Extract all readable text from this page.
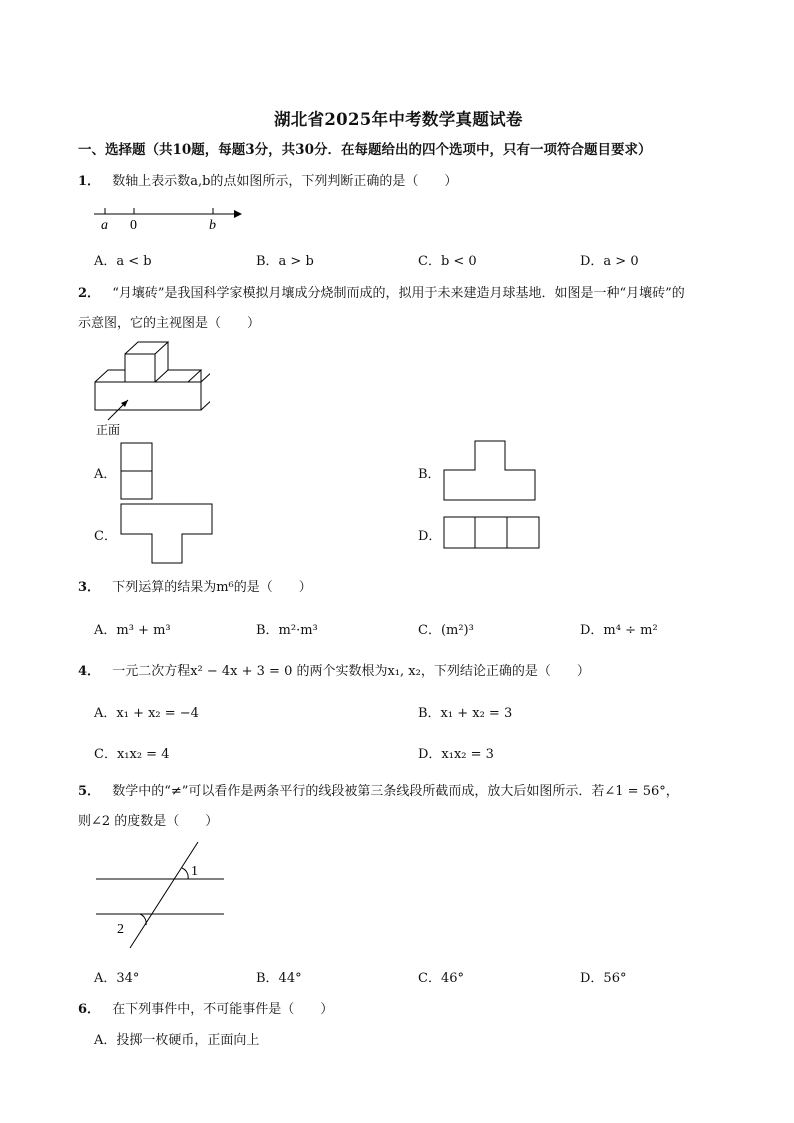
湖北省2025年中考数学真题试卷
一、选择题（共10题，每题3分，共30分．在每题给出的四个选项中，只有一项符合题目要求）
1． 数轴上表示数a,b的点如图所示，下列判断正确的是（　　）
a 0	b
A．a < b	B．a > b	C．b < 0	D．a > 0
2． “月壤砖”是我国科学家模拟月壤成分烧制而成的，拟用于未来建造月球基地．如图是一种“月壤砖”的
示意图，它的主视图是（　　）
正面
A．	B．
C．	D．
3． 下列运算的结果为m⁶的是（　　）
A．m³ + m³	B．m²·m³	C．(m²)³	D．m⁴ ÷ m²
4． 一元二次方程x² − 4x + 3 = 0 的两个实数根为x₁, x₂，下列结论正确的是（　　）
A．x₁ + x₂ = −4	B．x₁ + x₂ = 3
C．x₁x₂ = 4	D．x₁x₂ = 3
5． 数学中的“≠”可以看作是两条平行的线段被第三条线段所截而成，放大后如图所示．若∠1 = 56°，
则∠2 的度数是（　　）
1
2
A．34°	B．44°	C．46°	D．56°
6． 在下列事件中，不可能事件是（　　）
A．投掷一枚硬币，正面向上
